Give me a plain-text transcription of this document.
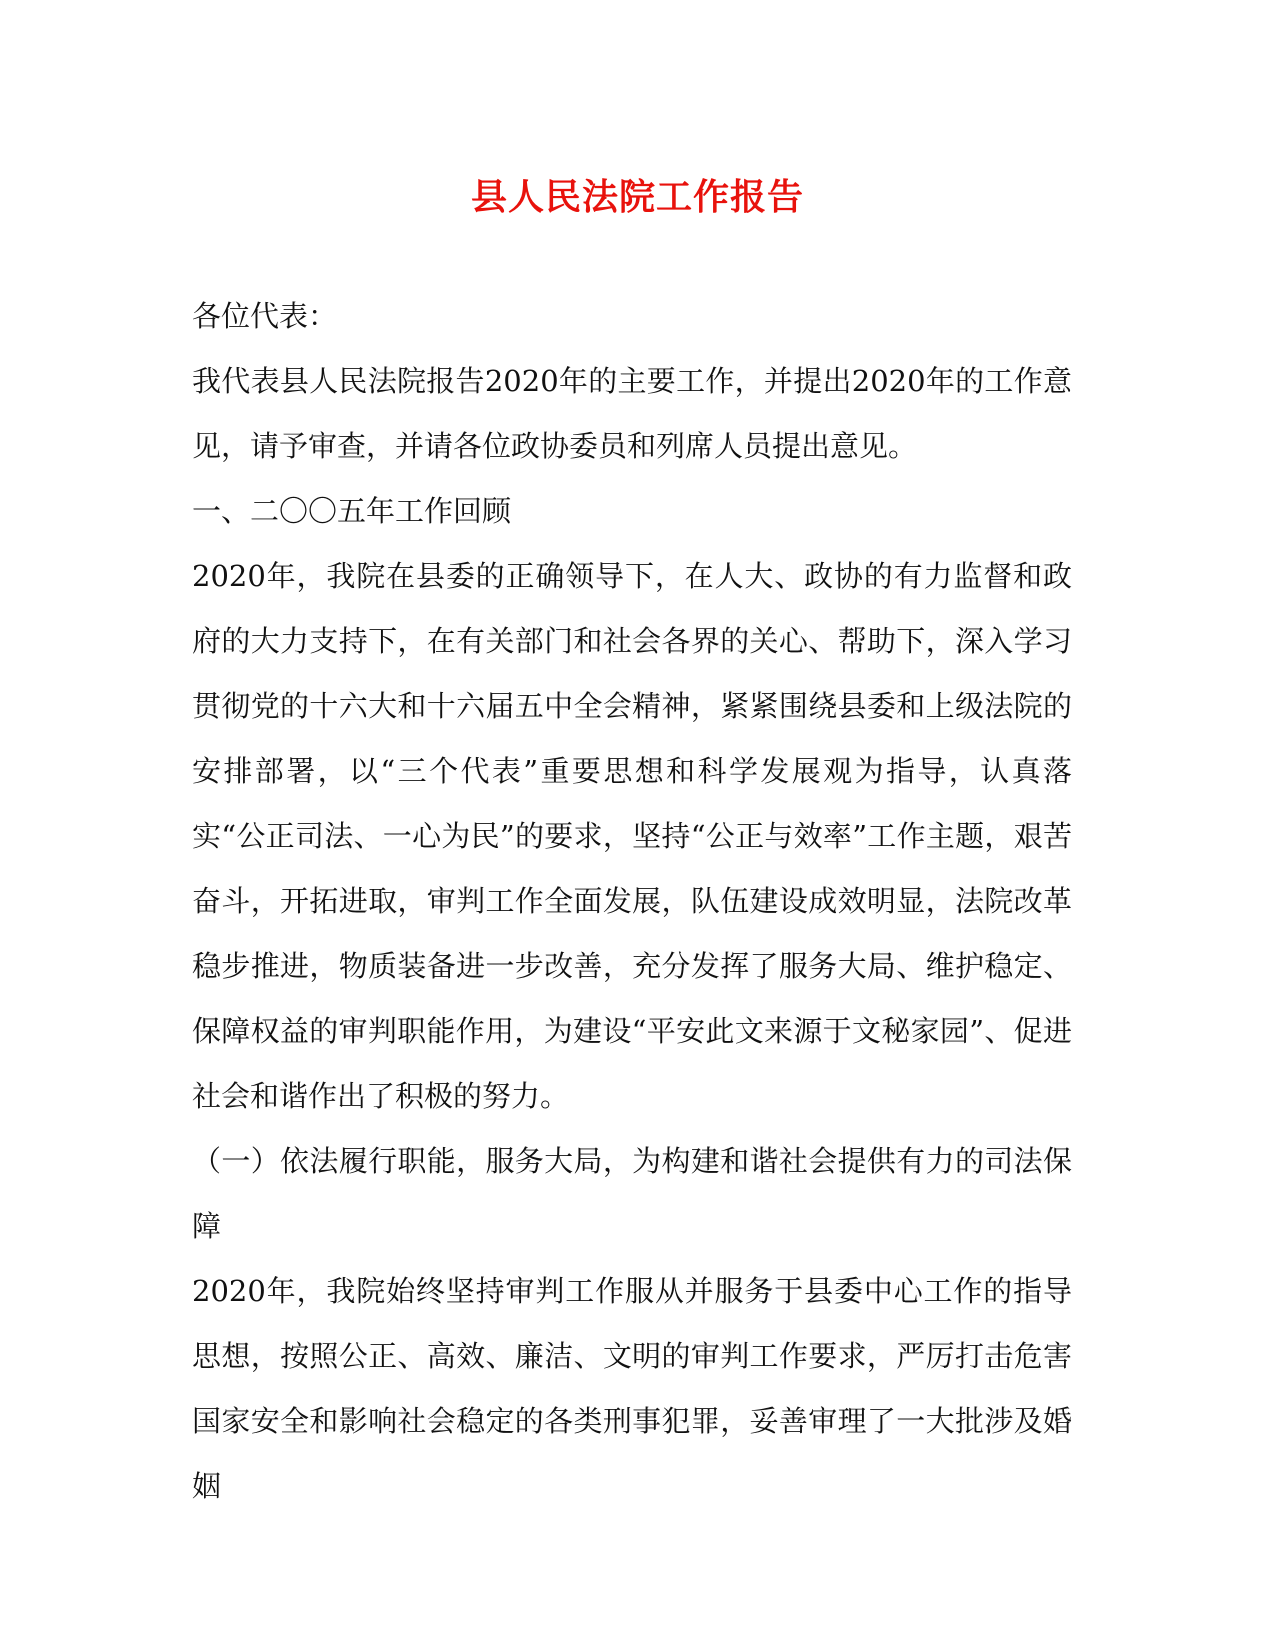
县人民法院工作报告

各位代表：

我代表县人民法院报告2020年的主要工作，并提出2020年的工作意见，请予审查，并请各位政协委员和列席人员提出意见。

一、二〇〇五年工作回顾

2020年，我院在县委的正确领导下，在人大、政协的有力监督和政府的大力支持下，在有关部门和社会各界的关心、帮助下，深入学习贯彻党的十六大和十六届五中全会精神，紧紧围绕县委和上级法院的安排部署，以“三个代表”重要思想和科学发展观为指导，认真落实“公正司法、一心为民”的要求，坚持“公正与效率”工作主题，艰苦奋斗，开拓进取，审判工作全面发展，队伍建设成效明显，法院改革稳步推进，物质装备进一步改善，充分发挥了服务大局、维护稳定、保障权益的审判职能作用，为建设“平安此文来源于文秘家园”、促进社会和谐作出了积极的努力。

（一）依法履行职能，服务大局，为构建和谐社会提供有力的司法保障

2020年，我院始终坚持审判工作服从并服务于县委中心工作的指导思想，按照公正、高效、廉洁、文明的审判工作要求，严厉打击危害国家安全和影响社会稳定的各类刑事犯罪，妥善审理了一大批涉及婚姻
